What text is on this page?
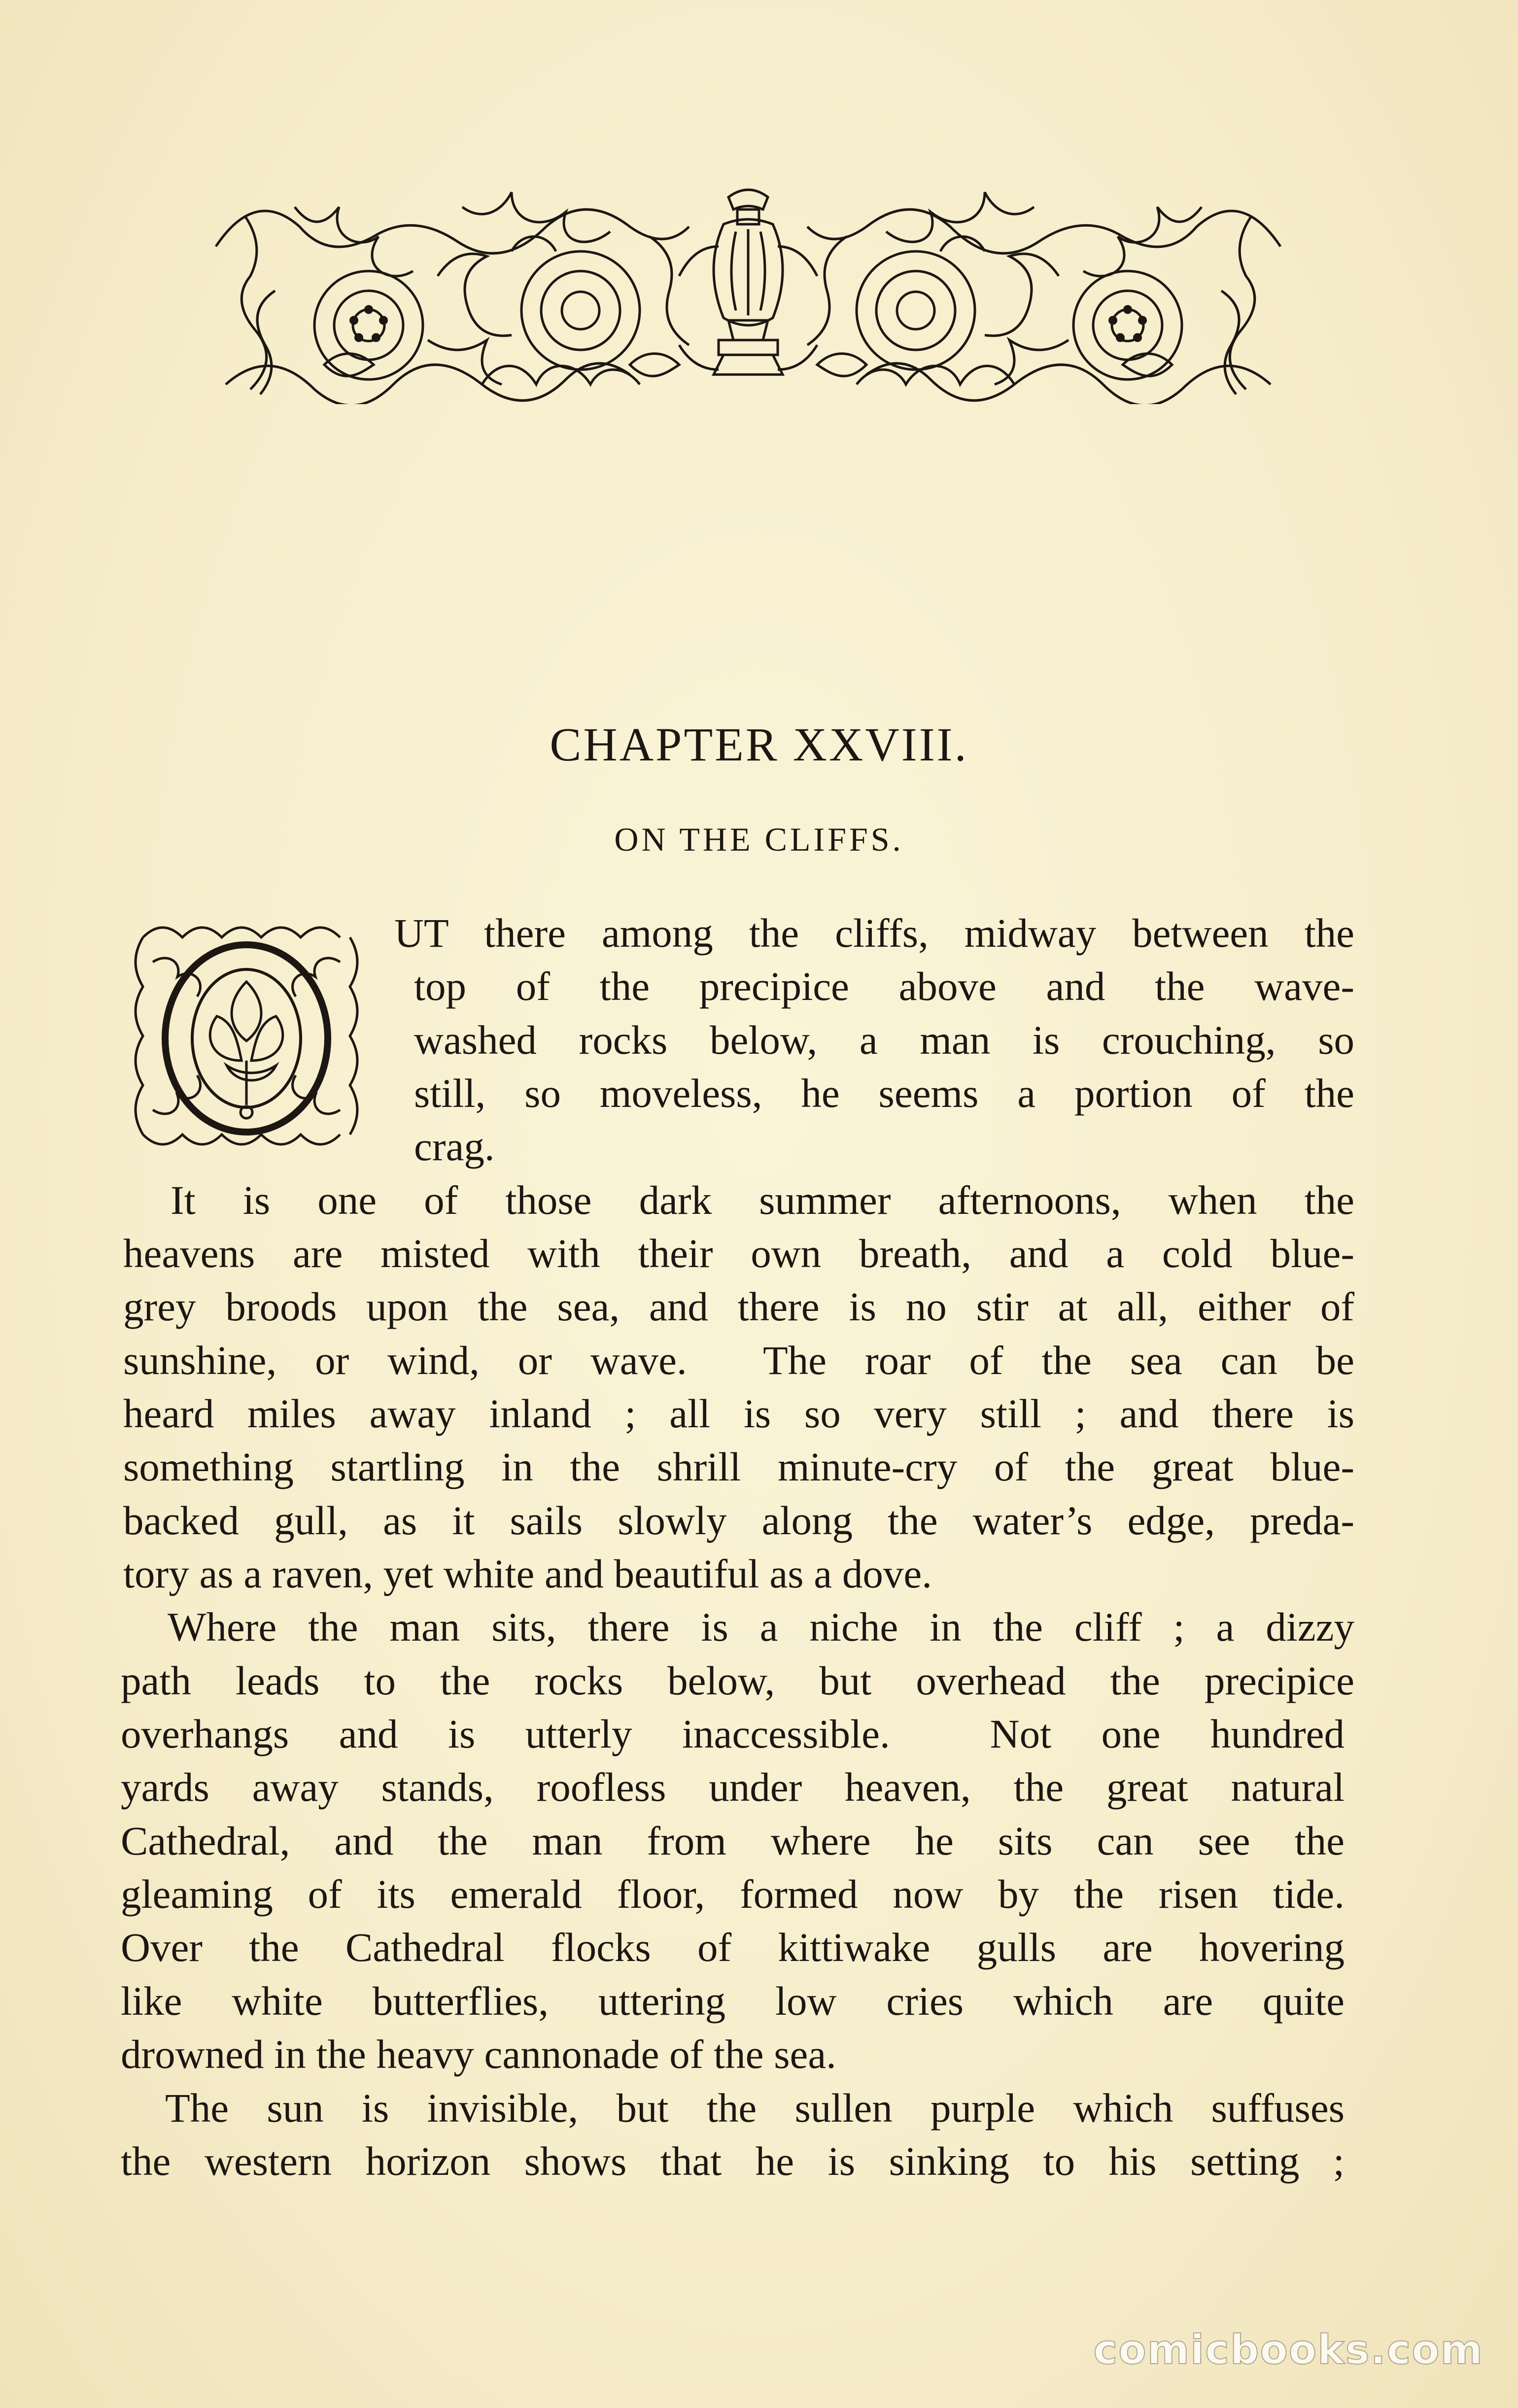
CHAPTER XXVIII.
ON THE CLIFFS.
UT there among the cliffs, midway between the
top of the precipice above and the wave-
washed rocks below, a man is crouching, so
still, so moveless, he seems a portion of the
crag.
It is one of those dark summer afternoons, when the
heavens are misted with their own breath, and a cold blue-
grey broods upon the sea, and there is no stir at all, either of
sunshine, or wind, or wave.  The roar of the sea can be
heard miles away inland ; all is so very still ; and there is
something startling in the shrill minute-cry of the great blue-
backed gull, as it sails slowly along the water’s edge, preda-
tory as a raven, yet white and beautiful as a dove.
Where the man sits, there is a niche in the cliff ; a dizzy
path leads to the rocks below, but overhead the precipice
overhangs and is utterly inaccessible.  Not one hundred
yards away stands, roofless under heaven, the great natural
Cathedral, and the man from where he sits can see the
gleaming of its emerald floor, formed now by the risen tide.
Over the Cathedral flocks of kittiwake gulls are hovering
like white butterflies, uttering low cries which are quite
drowned in the heavy cannonade of the sea.
The sun is invisible, but the sullen purple which suffuses
the western horizon shows that he is sinking to his setting ;
comicbooks.com
